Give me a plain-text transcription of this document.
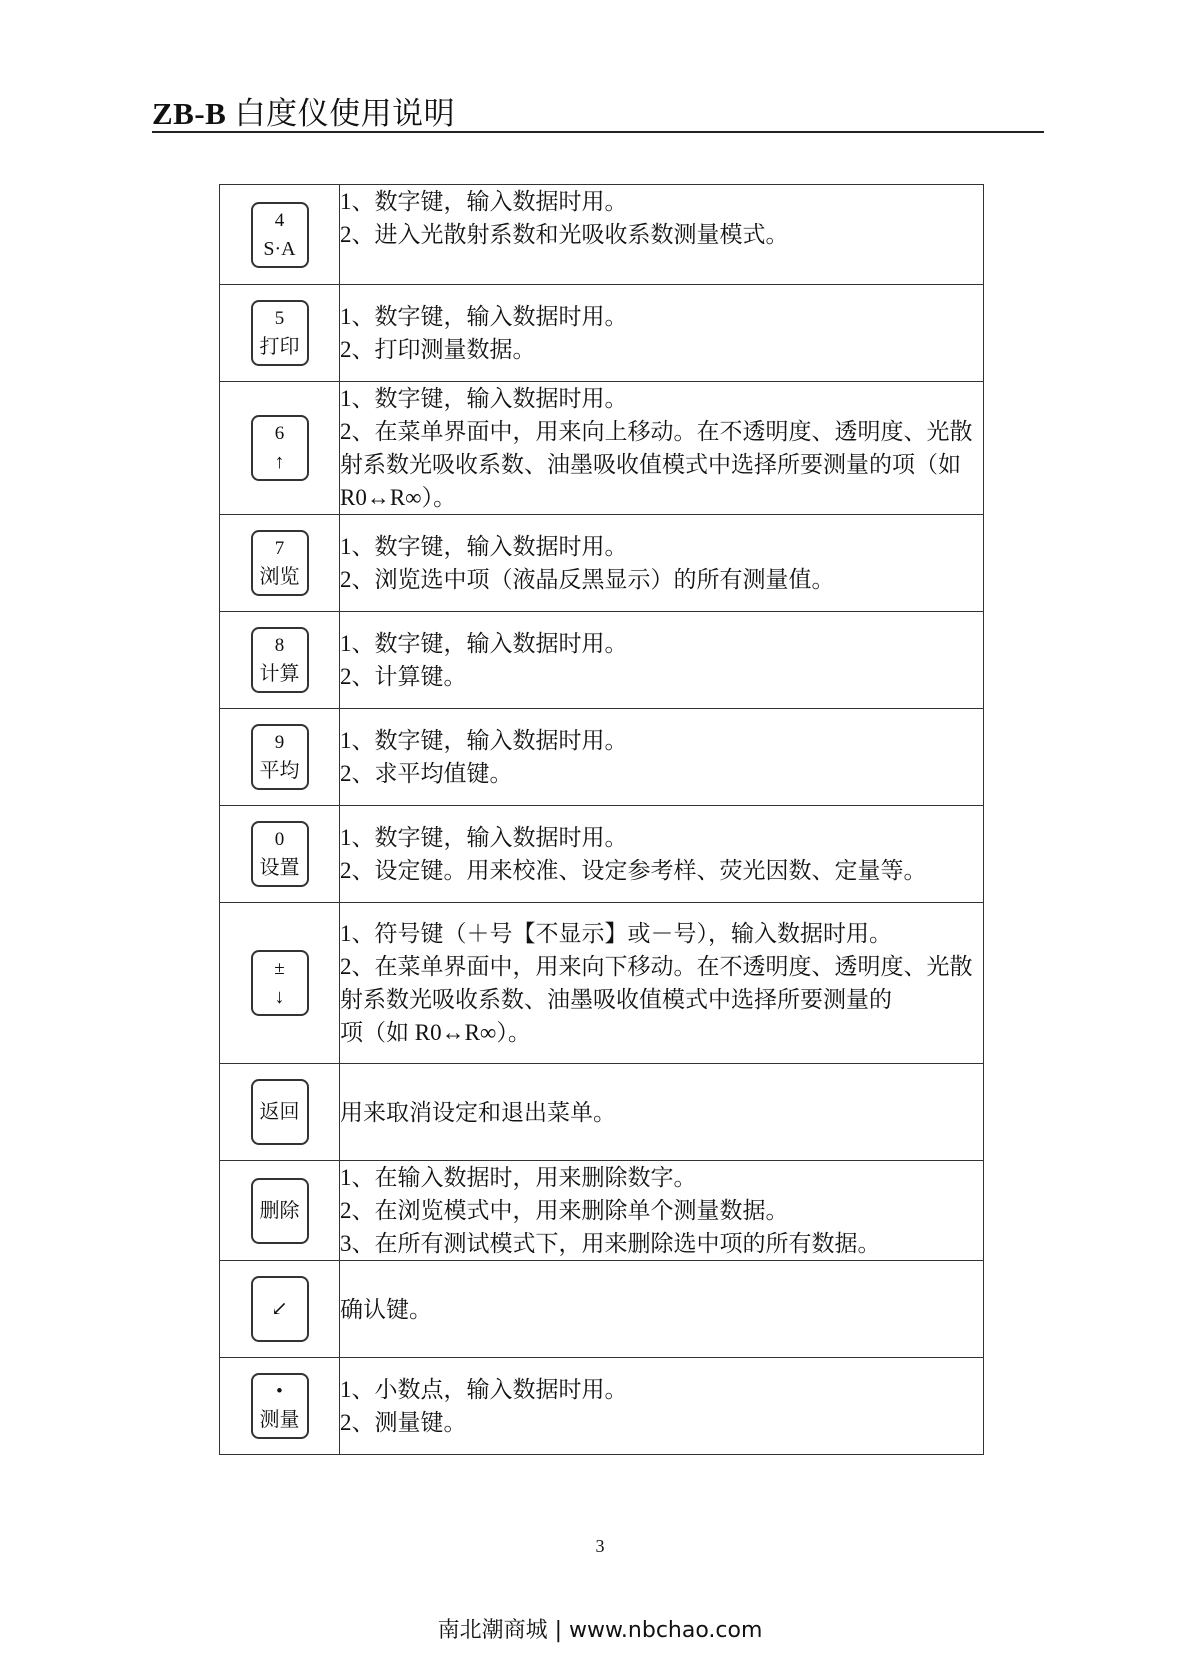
ZB-B 白度仪使用说明
4
S·A	1、数字键，输入数据时用。
2、进入光散射系数和光吸收系数测量模式。

5
打印	1、数字键，输入数据时用。
2、打印测量数据。

6
↑	1、数字键，输入数据时用。
2、在菜单界面中，用来向上移动。在不透明度、透明度、光散射系数光吸收系数、油墨吸收值模式中选择所要测量的项（如 R0↔R∞）。

7
浏览	1、数字键，输入数据时用。
2、浏览选中项（液晶反黑显示）的所有测量值。

8
计算	1、数字键，输入数据时用。
2、计算键。

9
平均	1、数字键，输入数据时用。
2、求平均值键。

0
设置	1、数字键，输入数据时用。
2、设定键。用来校准、设定参考样、荧光因数、定量等。

±
↓	1、符号键（＋号【不显示】或－号），输入数据时用。
2、在菜单界面中，用来向下移动。在不透明度、透明度、光散射系数光吸收系数、油墨吸收值模式中选择所要测量的
项（如 R0↔R∞）。

返回	用来取消设定和退出菜单。

删除	1、在输入数据时，用来删除数字。
2、在浏览模式中，用来删除单个测量数据。
3、在所有测试模式下，用来删除选中项的所有数据。

↙	确认键。

•
测量	1、小数点，输入数据时用。
2、测量键。
3
南北潮商城 | www.nbchao.com
